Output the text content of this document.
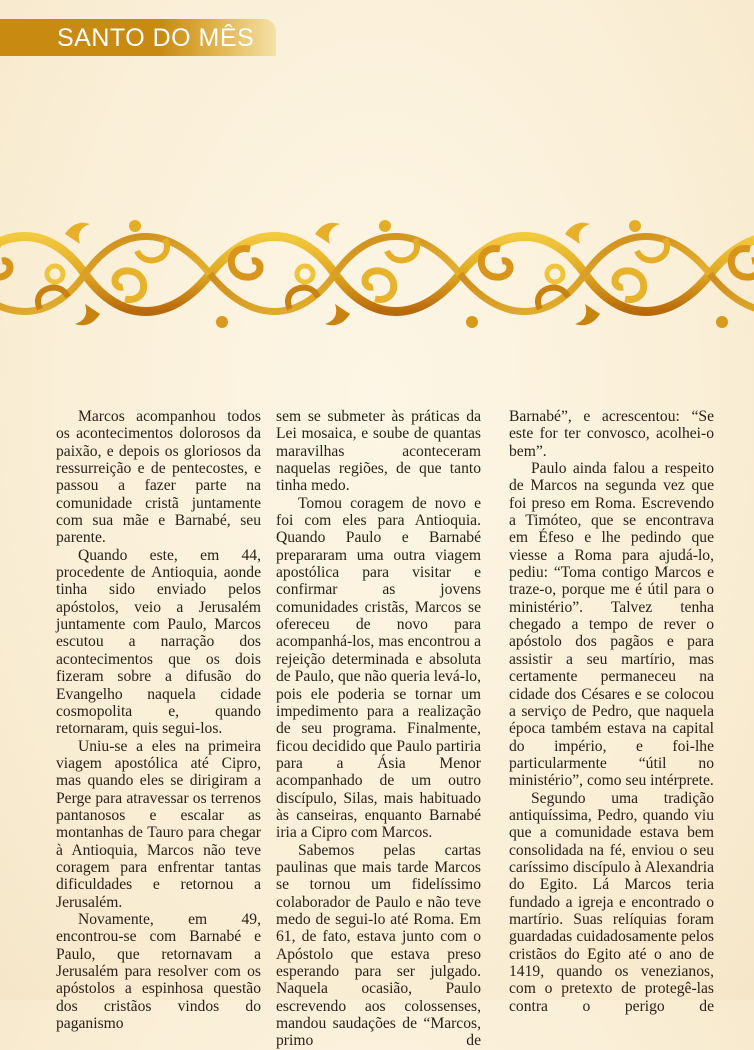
SANTO DO MÊS

Marcos acompanhou todos os acontecimentos dolorosos da paixão, e depois os gloriosos da ressurreição e de pentecostes, e passou a fazer parte na comunidade cristã juntamente com sua mãe e Barnabé, seu parente.

Quando este, em 44, procedente de Antioquia, aonde tinha sido enviado pelos apóstolos, veio a Jerusalém juntamente com Paulo, Marcos escutou a narração dos acontecimentos que os dois fizeram sobre a difusão do Evangelho naquela cidade cosmopolita e, quando retornaram, quis segui-los.

Uniu-se a eles na primeira viagem apostólica até Cipro, mas quando eles se dirigiram a Perge para atravessar os terrenos pantanosos e escalar as montanhas de Tauro para chegar à Antioquia, Marcos não teve coragem para enfrentar tantas dificuldades e retornou a Jerusalém.

Novamente, em 49, encontrou-se com Barnabé e Paulo, que retornavam a Jerusalém para resolver com os apóstolos a espinhosa questão dos cristãos vindos do paganismo

sem se submeter às práticas da Lei mosaica, e soube de quantas maravilhas aconteceram naquelas regiões, de que tanto tinha medo.

Tomou coragem de novo e foi com eles para Antioquia. Quando Paulo e Barnabé prepararam uma outra viagem apostólica para visitar e confirmar as jovens comunidades cristãs, Marcos se ofereceu de novo para acompanhá-los, mas encontrou a rejeição determinada e absoluta de Paulo, que não queria levá-lo, pois ele poderia se tornar um impedimento para a realização de seu programa. Finalmente, ficou decidido que Paulo partiria para a Ásia Menor acompanhado de um outro discípulo, Silas, mais habituado às canseiras, enquanto Barnabé iria a Cipro com Marcos.

Sabemos pelas cartas paulinas que mais tarde Marcos se tornou um fidelíssimo colaborador de Paulo e não teve medo de segui-lo até Roma. Em 61, de fato, estava junto com o Apóstolo que estava preso esperando para ser julgado. Naquela ocasião, Paulo escrevendo aos colossenses, mandou saudações de “Marcos, primo de

Barnabé”, e acrescentou: “Se este for ter convosco, acolhei-o bem”.

Paulo ainda falou a respeito de Marcos na segunda vez que foi preso em Roma. Escrevendo a Timóteo, que se encontrava em Éfeso e lhe pedindo que viesse a Roma para ajudá-lo, pediu: “Toma contigo Marcos e traze-o, porque me é útil para o ministério”. Talvez tenha chegado a tempo de rever o apóstolo dos pagãos e para assistir a seu martírio, mas certamente permaneceu na cidade dos Césares e se colocou a serviço de Pedro, que naquela época também estava na capital do império, e foi-lhe particularmente “útil no ministério”, como seu intérprete.

Segundo uma tradição antiquíssima, Pedro, quando viu que a comunidade estava bem consolidada na fé, enviou o seu caríssimo discípulo à Alexandria do Egito. Lá Marcos teria fundado a igreja e encontrado o martírio. Suas relíquias foram guardadas cuidadosamente pelos cristãos do Egito até o ano de 1419, quando os venezianos, com o pretexto de protegê-las contra o perigo de
